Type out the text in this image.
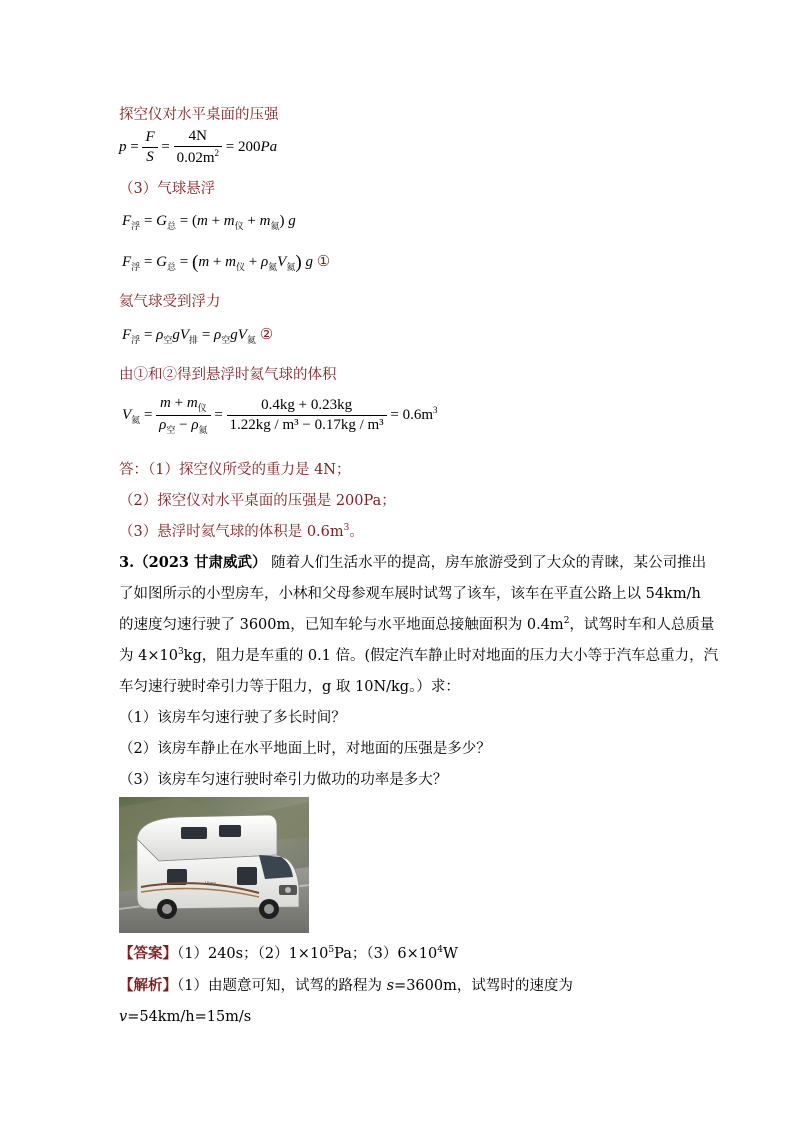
探空仪对水平桌面的压强
$p = \frac{F}{S} = \frac{4N}{0.02m^2} = 200Pa$
（3）气球悬浮
$F_浮 = G_总 = (m + m_仪 + m_氦)$ g
$F_浮 = G_总 = (m + m_仪 + \rho_氦V_氦)$ g ①
氦气球受到浮力
$F_浮 = \rho_空gV_排 = \rho_空gV_氦$ ②
由①和②得到悬浮时氦气球的体积
$V_氦 = \frac{m + m_仪}{\rho_空 - \rho_氦} = \frac{0.4kg + 0.23kg}{\text{1.22kg / m³ − 0.17kg / m³}} = 0.6m^3$
答：（1）探空仪所受的重力是 4N；
（2）探空仪对水平桌面的压强是 200Pa；
（3）悬浮时氦气球的体积是 $0.6m^3$。
3.（2023 甘肃威武） 随着人们生活水平的提高，房车旅游受到了大众的青睐，某公司推出
了如图所示的小型房车，小林和父母参观车展时试驾了该车，该车在平直公路上以 54km/h
的速度匀速行驶了 3600m，已知车轮与水平地面总接触面积为 $0.4m^2$，试驾时车和人总质量
为 $4\times 10^3kg$，阻力是车重的 0.1 倍。(假定汽车静止时对地面的压力大小等于汽车总重力，汽
车匀速行驶时牵引力等于阻力，g 取 10N/kg。）求：
（1）该房车匀速行驶了多长时间？
（2）该房车静止在水平地面上时，对地面的压强是多少？
（3）该房车匀速行驶时牵引力做功的功率是多大？
View
【答案】（1）240s；$(2)1\times 10^5Pa$；$(3)6\times 10^4W$
【解析】（1）由题意可知，试驾的路程为 s=3600m，试驾时的速度为
v=54km/h=15m/s
